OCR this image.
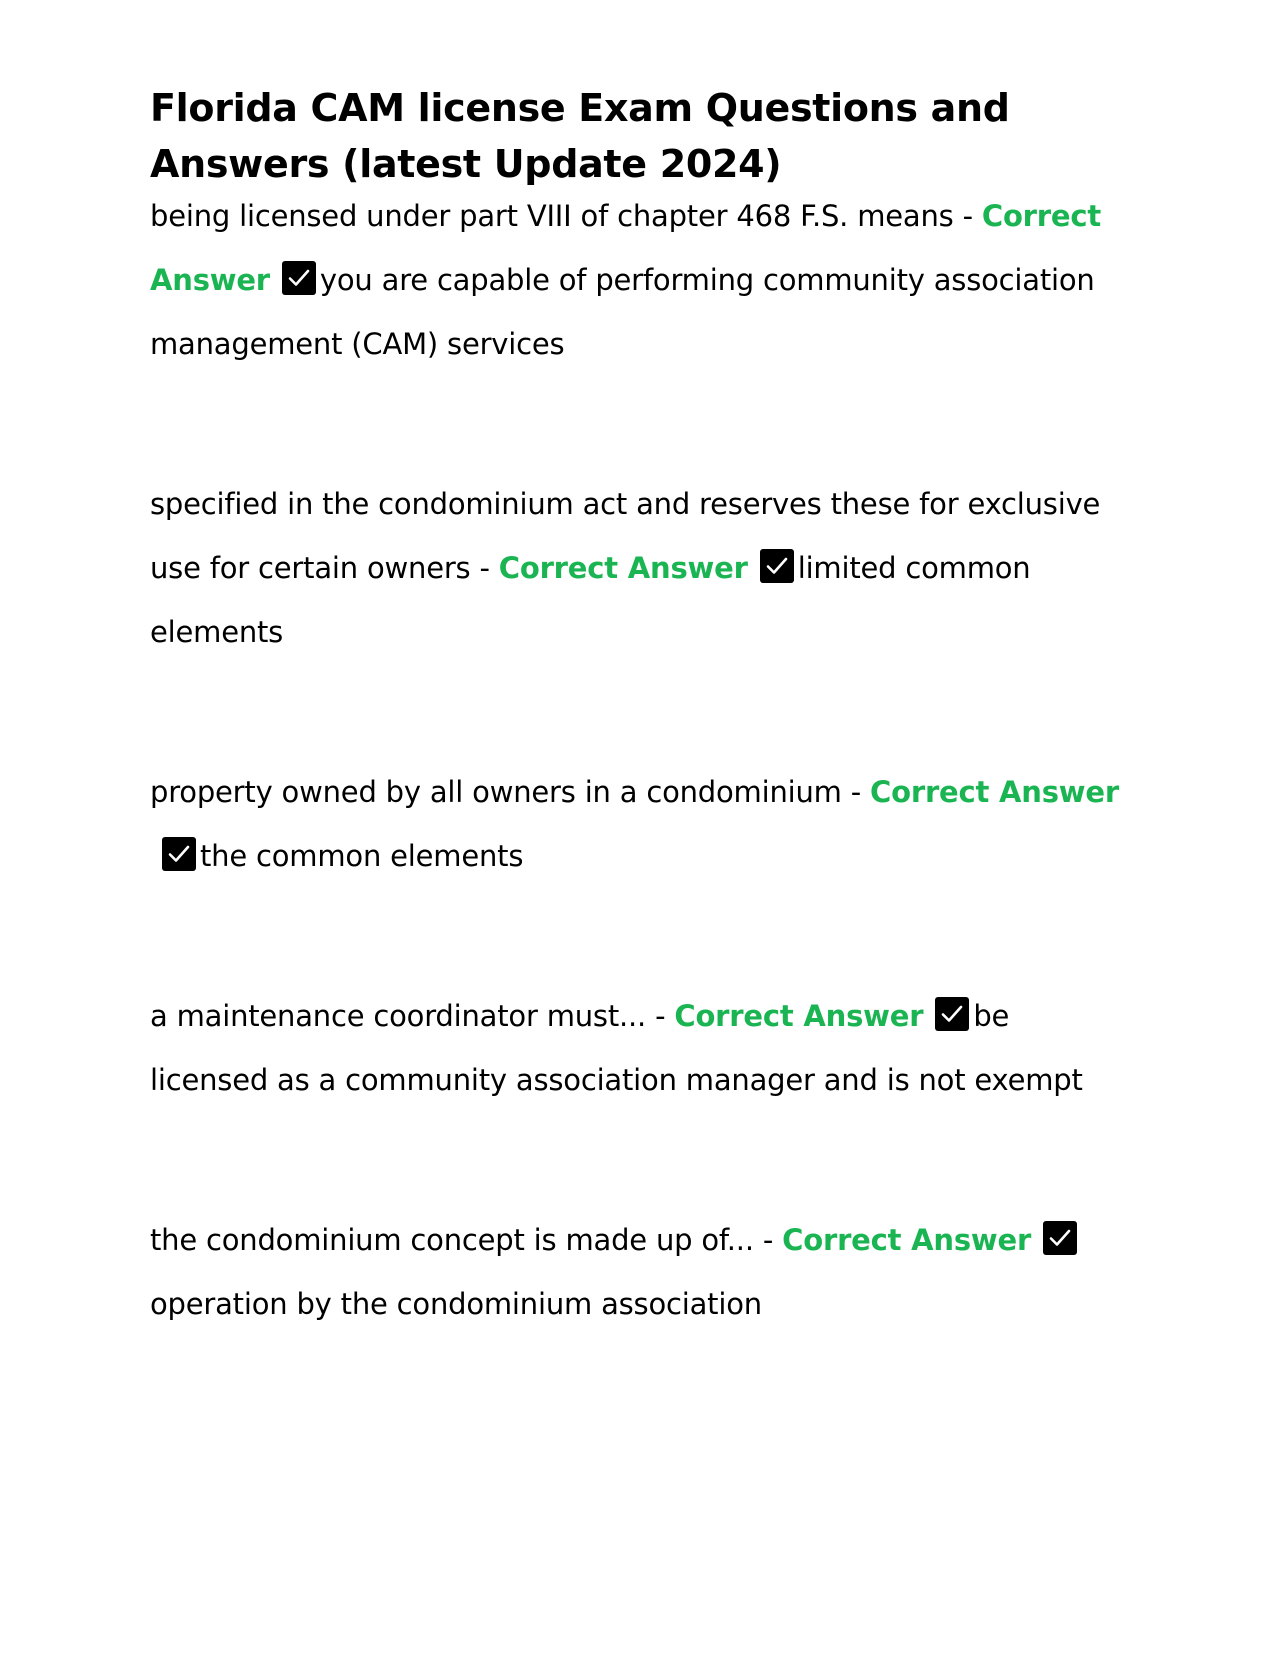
Florida CAM license Exam Questions and Answers (latest Update 2024)

being licensed under part VIII of chapter 468 F.S. means - Correct Answer you are capable of performing community association management (CAM) services

specified in the condominium act and reserves these for exclusive use for certain owners - Correct Answer limited common elements

property owned by all owners in a condominium - Correct Answer
the common elements

a maintenance coordinator must... - Correct Answer be licensed as a community association manager and is not exempt

the condominium concept is made up of... - Correct Answer
operation by the condominium association
